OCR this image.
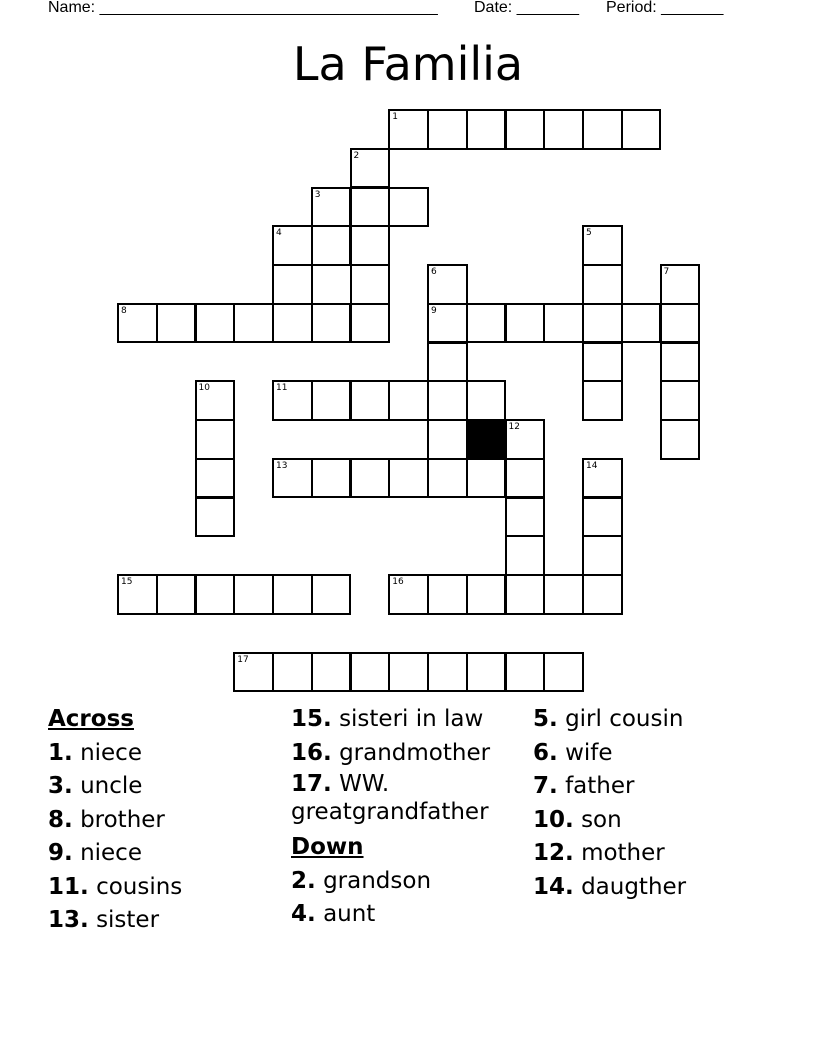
Name: ______________________________________ Date: _______ Period: _______
La Familia
1
2
3
4	5
6	7
8	9
10	11
12
13	14
15	16
17
Across
1. niece
3. uncle
8. brother
9. niece
11. cousins
13. sister
15. sisteri in law
16. grandmother
17. WW. greatgrandfather
Down
2. grandson
4. aunt
5. girl cousin
6. wife
7. father
10. son
12. mother
14. daugther
